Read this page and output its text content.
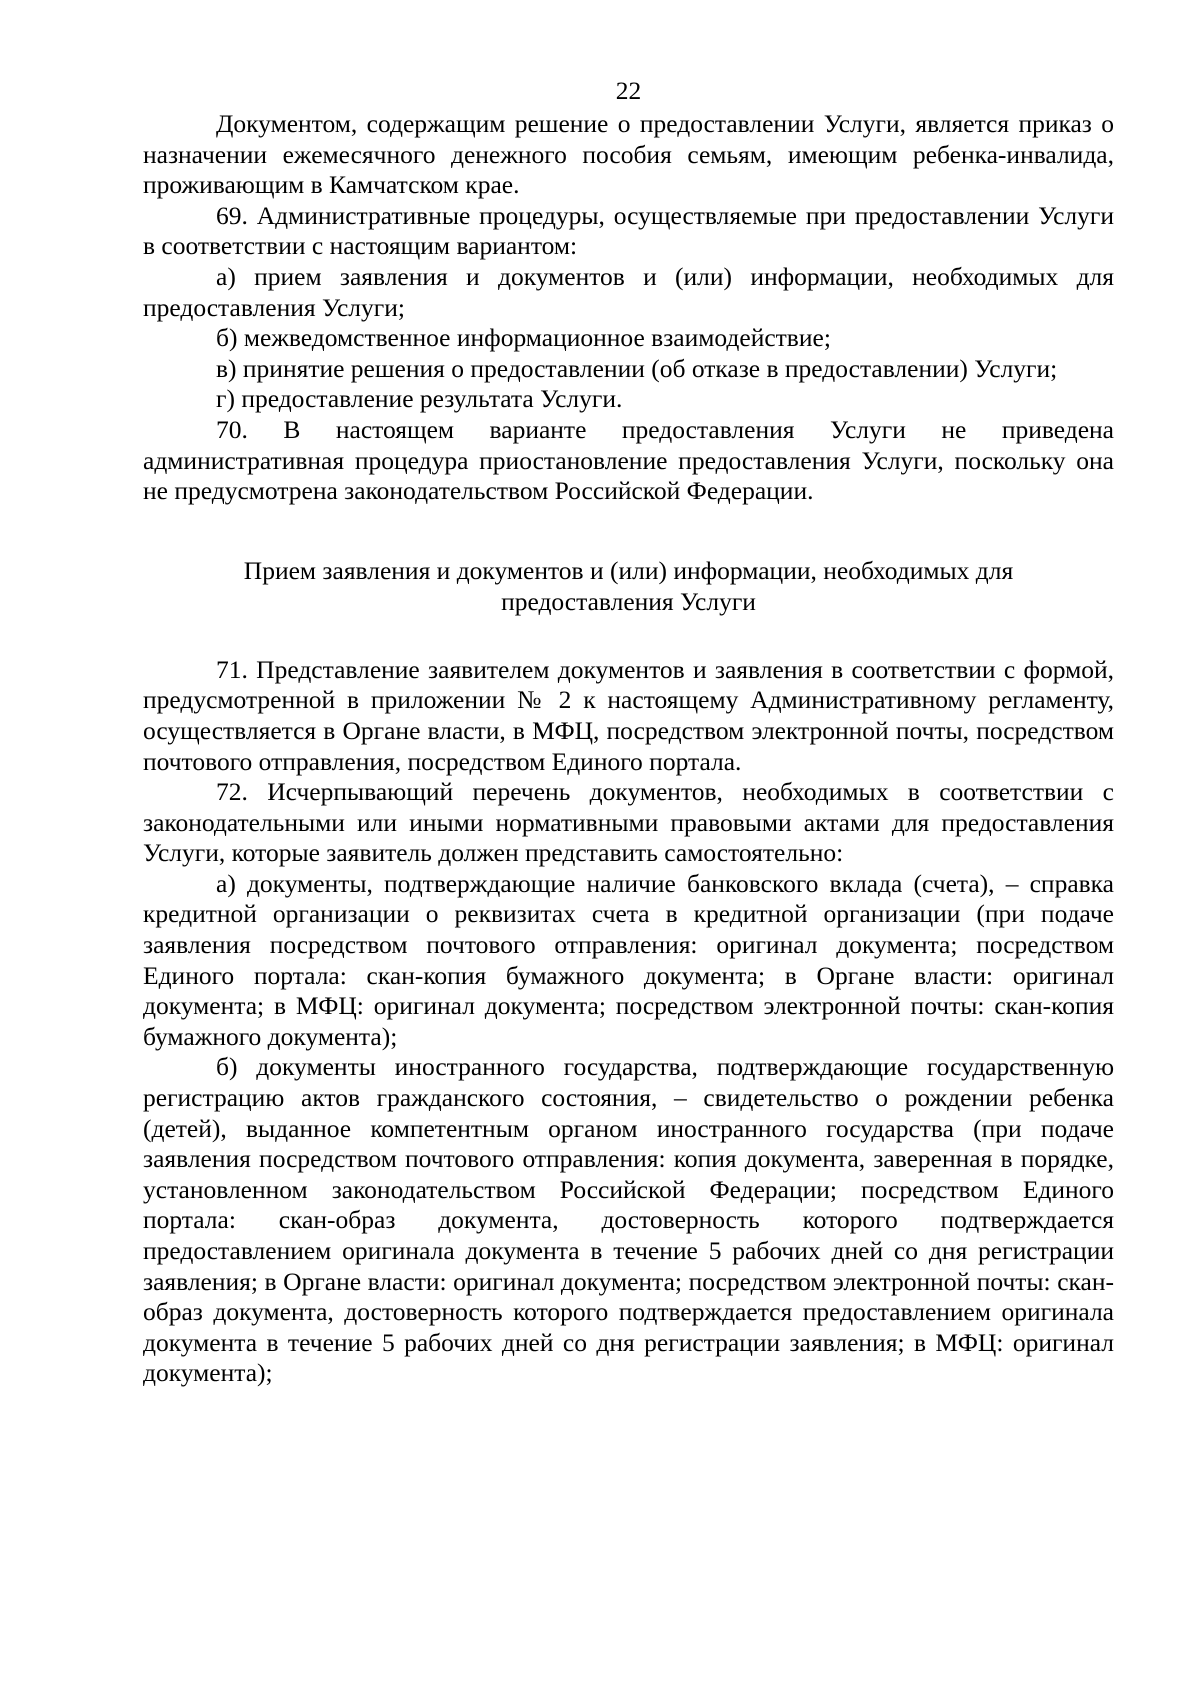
22

Документом, содержащим решение о предоставлении Услуги, является приказ о назначении ежемесячного денежного пособия семьям, имеющим ребенка-инвалида, проживающим в Камчатском крае.

69. Административные процедуры, осуществляемые при предоставлении Услуги в соответствии с настоящим вариантом:

а) прием заявления и документов и (или) информации, необходимых для предоставления Услуги;

б) межведомственное информационное взаимодействие;

в) принятие решения о предоставлении (об отказе в предоставлении) Услуги;

г) предоставление результата Услуги.

70. В настоящем варианте предоставления Услуги не приведена административная процедура приостановление предоставления Услуги, поскольку она не предусмотрена законодательством Российской Федерации.

Прием заявления и документов и (или) информации, необходимых для
предоставления Услуги

71. Представление заявителем документов и заявления в соответствии с формой, предусмотренной в приложении № 2 к настоящему Административному регламенту, осуществляется в Органе власти, в МФЦ, посредством электронной почты, посредством почтового отправления, посредством Единого портала.

72. Исчерпывающий перечень документов, необходимых в соответствии с законодательными или иными нормативными правовыми актами для предоставления Услуги, которые заявитель должен представить самостоятельно:

а) документы, подтверждающие наличие банковского вклада (счета), – справка кредитной организации о реквизитах счета в кредитной организации (при подаче заявления посредством почтового отправления: оригинал документа; посредством Единого портала: скан-копия бумажного документа; в Органе власти: оригинал документа; в МФЦ: оригинал документа; посредством электронной почты: скан-копия бумажного документа);

б) документы иностранного государства, подтверждающие государственную регистрацию актов гражданского состояния, – свидетельство о рождении ребенка (детей), выданное компетентным органом иностранного государства (при подаче заявления посредством почтового отправления: копия документа, заверенная в порядке, установленном законодательством Российской Федерации; посредством Единого портала: скан-образ документа, достоверность которого подтверждается предоставлением оригинала документа в течение 5 рабочих дней со дня регистрации заявления; в Органе власти: оригинал документа; посредством электронной почты: скан-образ документа, достоверность которого подтверждается предоставлением оригинала документа в течение 5 рабочих дней со дня регистрации заявления; в МФЦ: оригинал документа);
